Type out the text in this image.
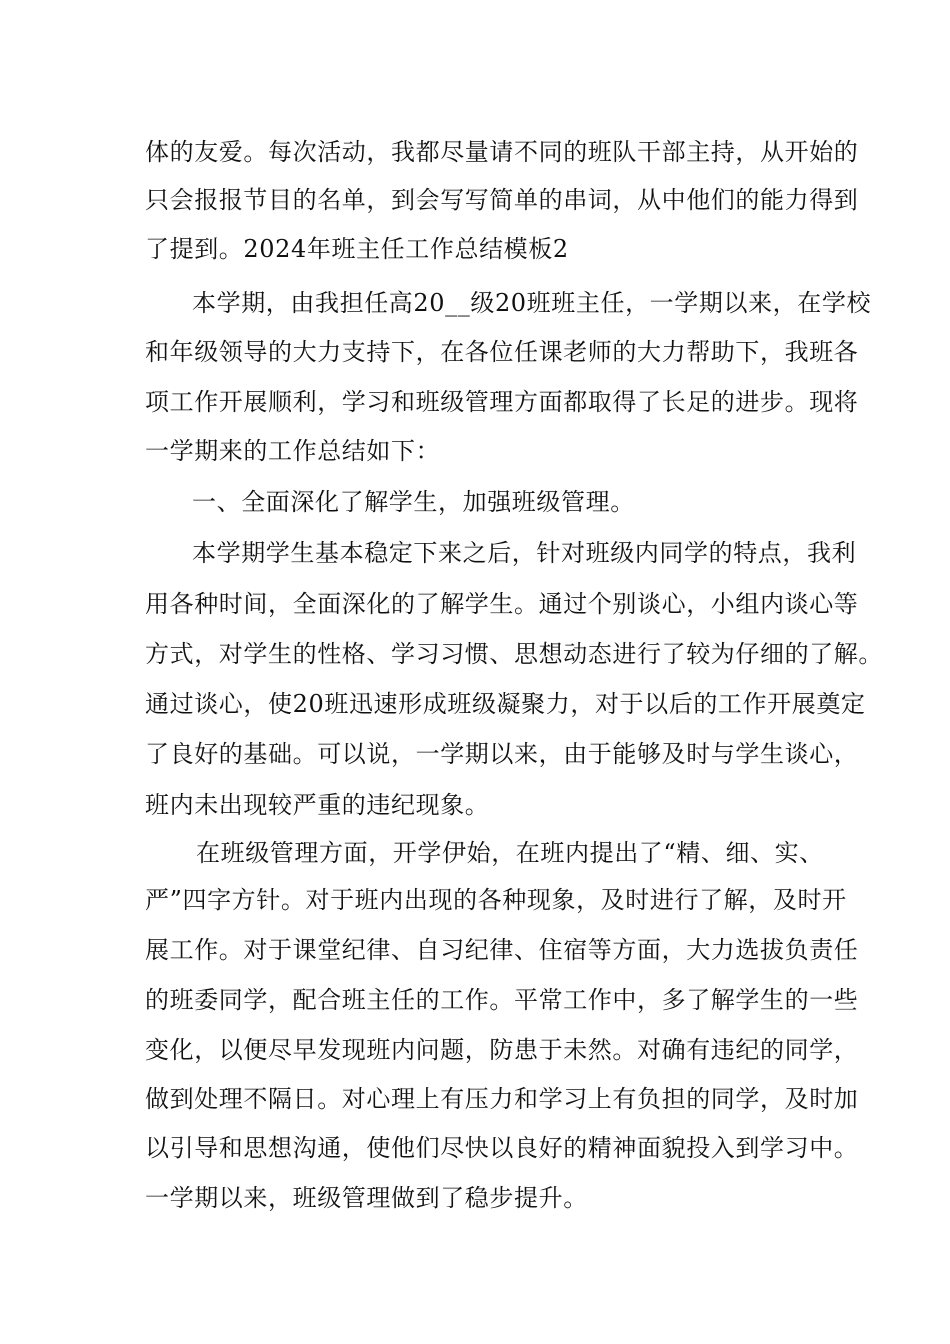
体的友爱。每次活动，我都尽量请不同的班队干部主持，从开始的
只会报报节目的名单，到会写写简单的串词，从中他们的能力得到
了提到。2024年班主任工作总结模板2
本学期，由我担任高20__级20班班主任，一学期以来，在学校
和年级领导的大力支持下，在各位任课老师的大力帮助下，我班各
项工作开展顺利，学习和班级管理方面都取得了长足的进步。现将
一学期来的工作总结如下：
一、全面深化了解学生，加强班级管理。
本学期学生基本稳定下来之后，针对班级内同学的特点，我利
用各种时间，全面深化的了解学生。通过个别谈心，小组内谈心等
方式，对学生的性格、学习习惯、思想动态进行了较为仔细的了解。
通过谈心，使20班迅速形成班级凝聚力，对于以后的工作开展奠定
了良好的基础。可以说，一学期以来，由于能够及时与学生谈心，
班内未出现较严重的违纪现象。
在班级管理方面，开学伊始，在班内提出了“精、细、实、
严”四字方针。对于班内出现的各种现象，及时进行了解，及时开
展工作。对于课堂纪律、自习纪律、住宿等方面，大力选拔负责任
的班委同学，配合班主任的工作。平常工作中，多了解学生的一些
变化，以便尽早发现班内问题，防患于未然。对确有违纪的同学，
做到处理不隔日。对心理上有压力和学习上有负担的同学，及时加
以引导和思想沟通，使他们尽快以良好的精神面貌投入到学习中。
一学期以来，班级管理做到了稳步提升。
